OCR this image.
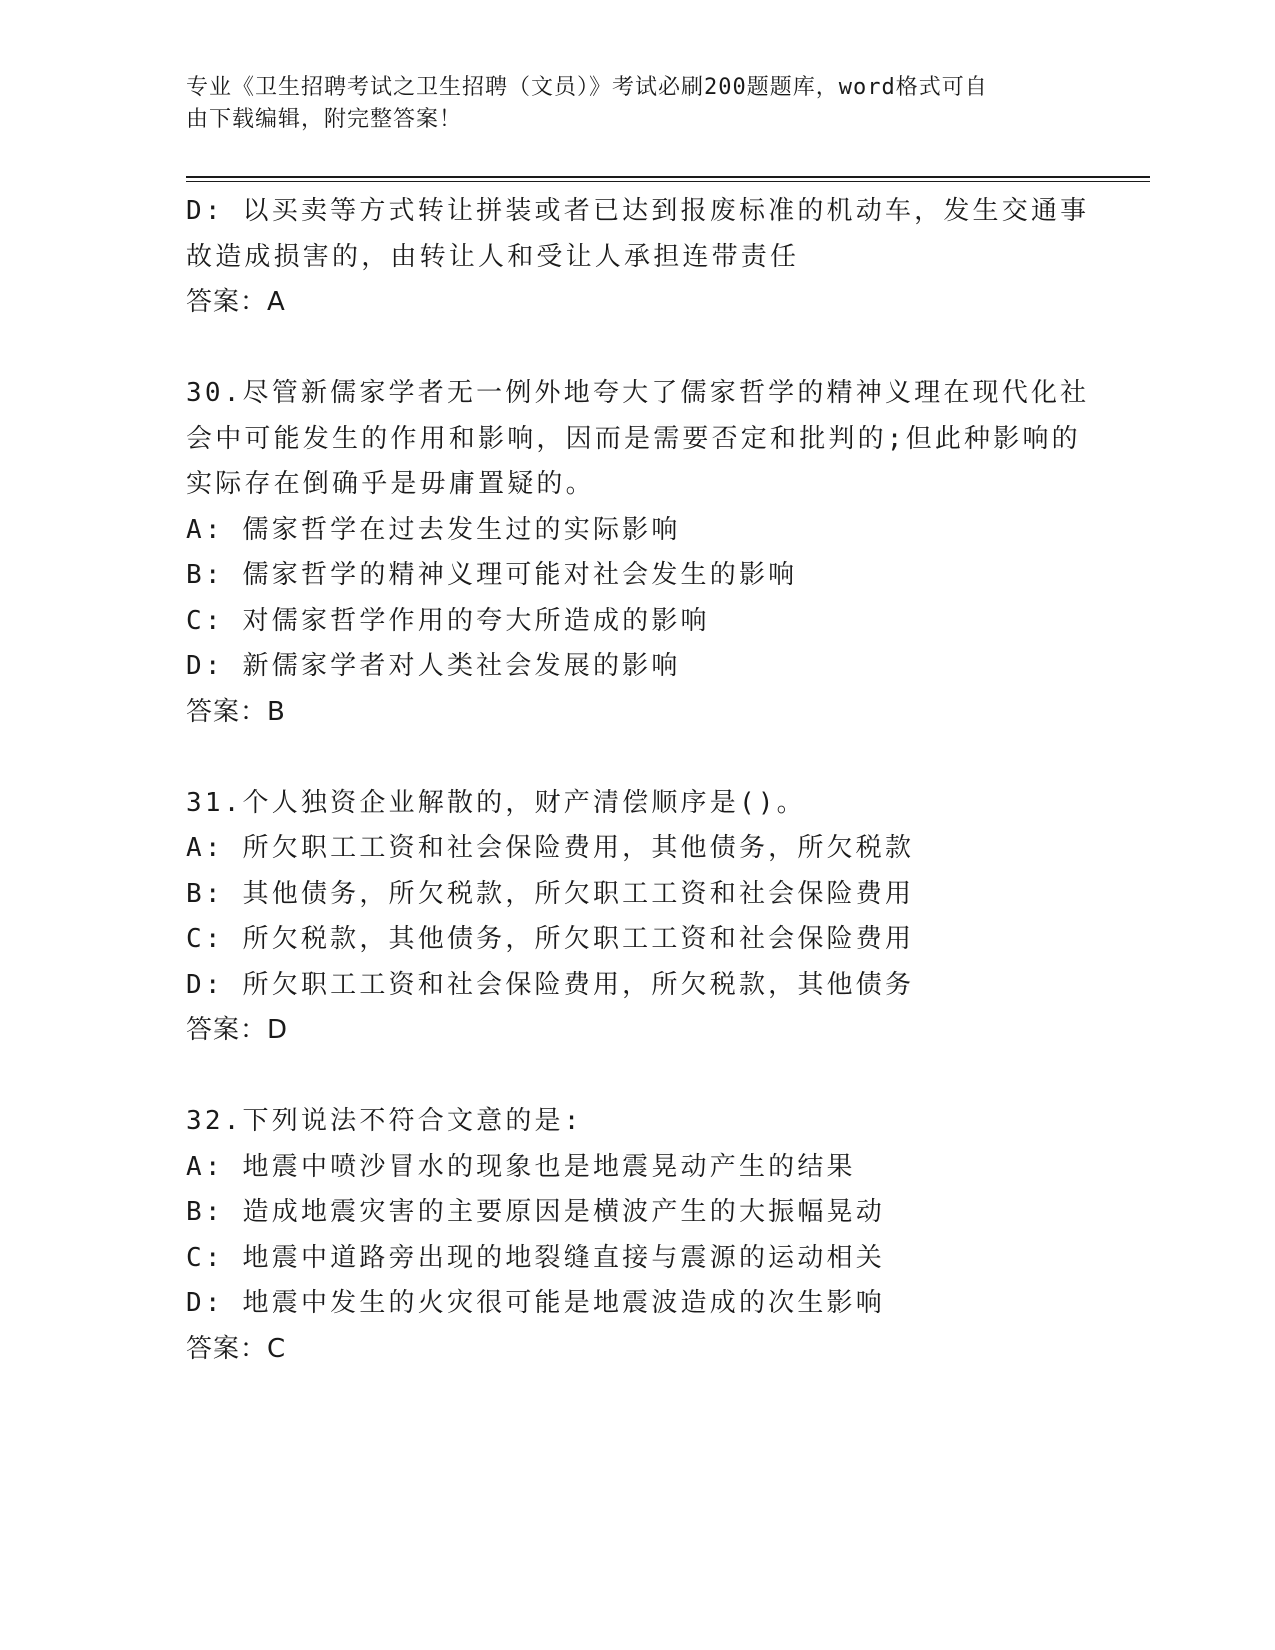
专业《卫生招聘考试之卫生招聘（文员）》考试必刷200题题库，word格式可自
由下载编辑，附完整答案！
D: 以买卖等方式转让拼装或者已达到报废标准的机动车，发生交通事
故造成损害的，由转让人和受让人承担连带责任
答案：A
30.尽管新儒家学者无一例外地夸大了儒家哲学的精神义理在现代化社
会中可能发生的作用和影响，因而是需要否定和批判的;但此种影响的
实际存在倒确乎是毋庸置疑的。
A: 儒家哲学在过去发生过的实际影响
B: 儒家哲学的精神义理可能对社会发生的影响
C: 对儒家哲学作用的夸大所造成的影响
D: 新儒家学者对人类社会发展的影响
答案：B
31.个人独资企业解散的，财产清偿顺序是()。
A: 所欠职工工资和社会保险费用，其他债务，所欠税款
B: 其他债务，所欠税款，所欠职工工资和社会保险费用
C: 所欠税款，其他债务，所欠职工工资和社会保险费用
D: 所欠职工工资和社会保险费用，所欠税款，其他债务
答案：D
32.下列说法不符合文意的是:
A: 地震中喷沙冒水的现象也是地震晃动产生的结果
B: 造成地震灾害的主要原因是横波产生的大振幅晃动
C: 地震中道路旁出现的地裂缝直接与震源的运动相关
D: 地震中发生的火灾很可能是地震波造成的次生影响
答案：C
